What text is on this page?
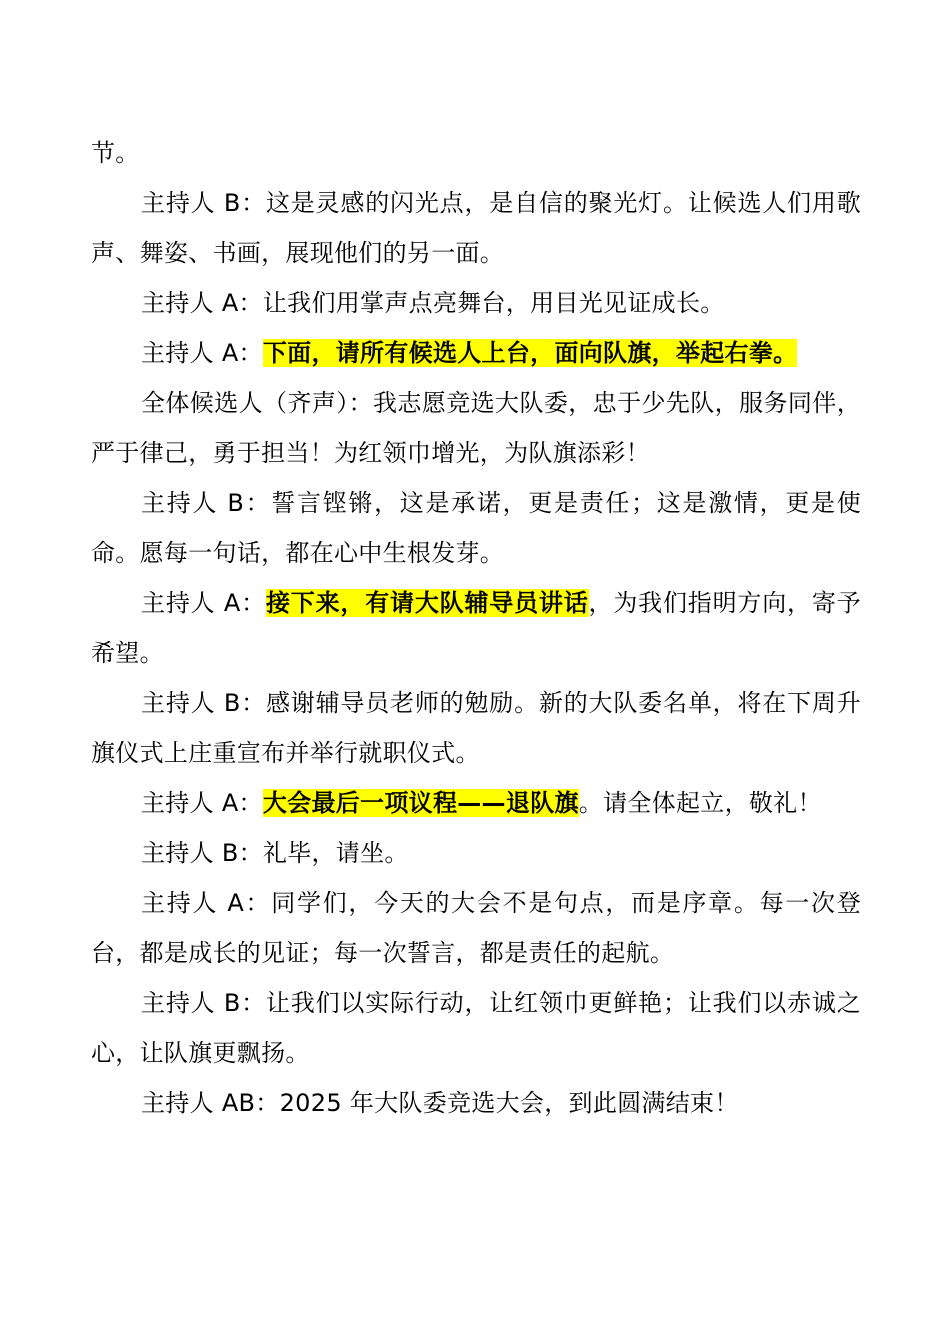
节。

主持人 B：这是灵感的闪光点，是自信的聚光灯。让候选人们用歌声、舞姿、书画，展现他们的另一面。

主持人 A：让我们用掌声点亮舞台，用目光见证成长。

主持人 A：下面，请所有候选人上台，面向队旗，举起右拳。

全体候选人（齐声）：我志愿竞选大队委，忠于少先队，服务同伴，严于律己，勇于担当！为红领巾增光，为队旗添彩！

主持人 B：誓言铿锵，这是承诺，更是责任；这是激情，更是使命。愿每一句话，都在心中生根发芽。

主持人 A：接下来，有请大队辅导员讲话，为我们指明方向，寄予希望。

主持人 B：感谢辅导员老师的勉励。新的大队委名单，将在下周升旗仪式上庄重宣布并举行就职仪式。

主持人 A：大会最后一项议程——退队旗。请全体起立，敬礼！

主持人 B：礼毕，请坐。

主持人 A：同学们，今天的大会不是句点，而是序章。每一次登台，都是成长的见证；每一次誓言，都是责任的起航。

主持人 B：让我们以实际行动，让红领巾更鲜艳；让我们以赤诚之心，让队旗更飘扬。

主持人 AB：2025 年大队委竞选大会，到此圆满结束！
